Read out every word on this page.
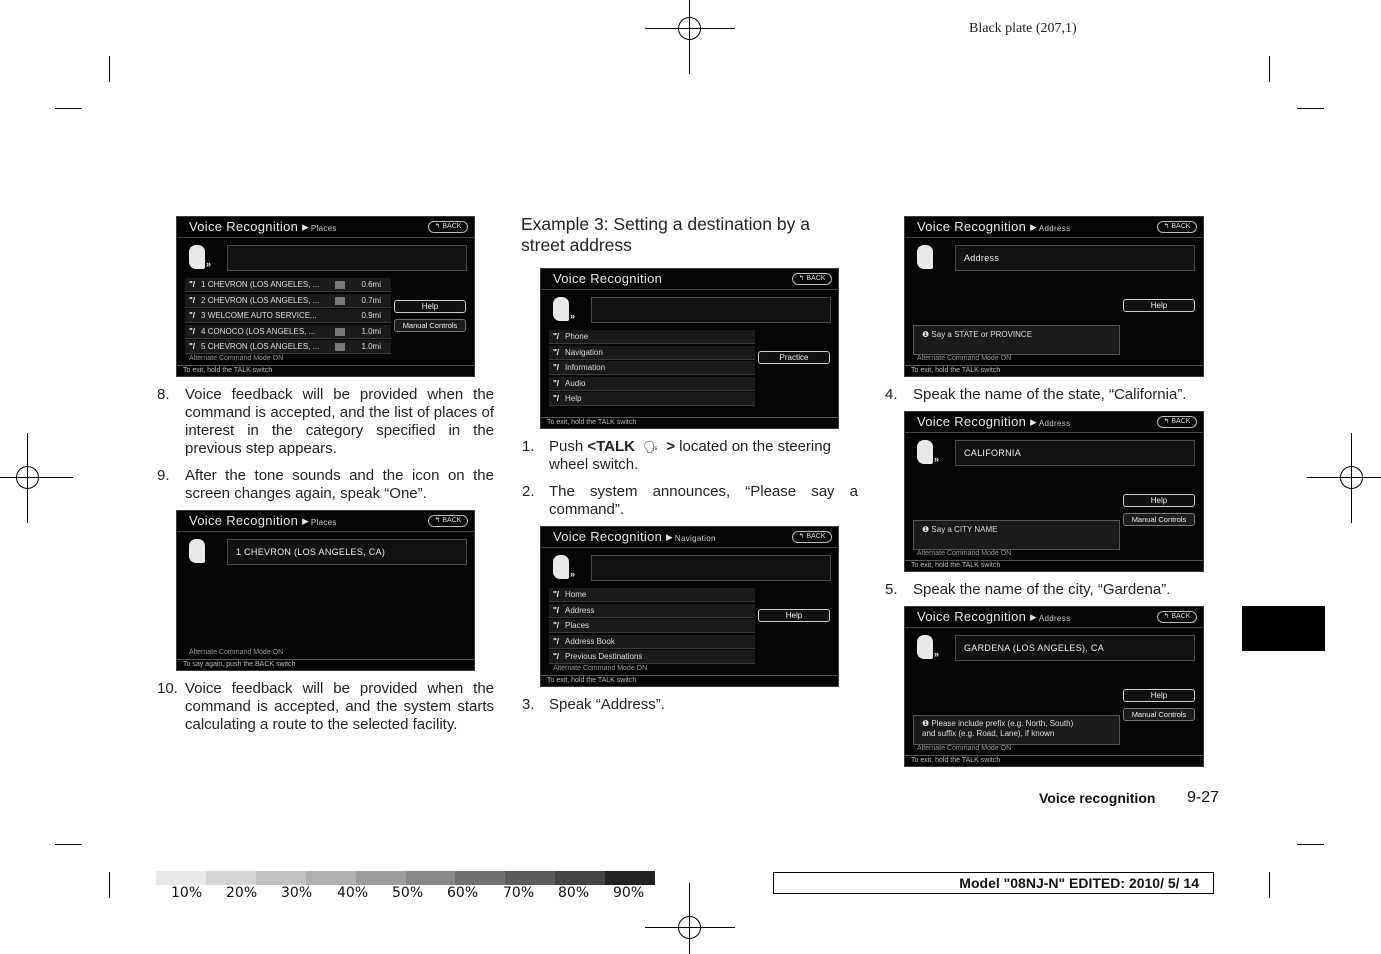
Black plate (207,1)
Voice Recognition ▸ Places	↰ BACK
»
"/ 1 CHEVRON (LOS ANGELES, ...	0.6mi
"/ 2 CHEVRON (LOS ANGELES, ...	0.7mi
"/ 3 WELCOME AUTO SERVICE...	0.9mi
"/ 4 CONOCO (LOS ANGELES, ...	1.0mi
"/ 5 CHEVRON (LOS ANGELES, ...	1.0mi
Help
Manual Controls
Alternate Command Mode ON
To exit, hold the TALK switch
8. Voice feedback will be provided when the command is accepted, and the list of places of interest in the category specified in the previous step appears.
9. After the tone sounds and the icon on the screen changes again, speak “One”.
Voice Recognition ▸ Places	↰ BACK
1 CHEVRON (LOS ANGELES, CA)
Alternate Command Mode ON
To say again, push the BACK switch
10. Voice feedback will be provided when the command is accepted, and the system starts calculating a route to the selected facility.
Example 3: Setting a destination by a street address
Voice Recognition	↰ BACK
»
"/ Phone
"/ Navigation
"/ Information
"/ Audio
"/ Help
Practice
To exit, hold the TALK switch
1. Push <TALK 🗣 > located on the steering wheel switch.
2. The system announces, “Please say a command”.
Voice Recognition ▸ Navigation	↰ BACK
»
"/ Home
"/ Address
"/ Places
"/ Address Book
"/ Previous Destinations
Help
Alternate Command Mode ON
To exit, hold the TALK switch
3. Speak “Address”.
Voice Recognition ▸ Address	↰ BACK
Address
Help
❶ Say a STATE or PROVINCE
Alternate Command Mode ON
To exit, hold the TALK switch
4. Speak the name of the state, “California”.
Voice Recognition ▸ Address	↰ BACK
»
CALIFORNIA
Help
Manual Controls
❶ Say a CITY NAME
Alternate Command Mode ON
To exit, hold the TALK switch
5. Speak the name of the city, “Gardena”.
Voice Recognition ▸ Address	↰ BACK
»
GARDENA (LOS ANGELES), CA
Help
Manual Controls
❶ Please include prefix (e.g. North, South)
and suffix (e.g. Road, Lane), if known
Alternate Command Mode ON
To exit, hold the TALK switch
Voice recognition 9-27
10% 20% 30% 40% 50% 60% 70% 80% 90%
Model "08NJ-N" EDITED: 2010/ 5/ 14
